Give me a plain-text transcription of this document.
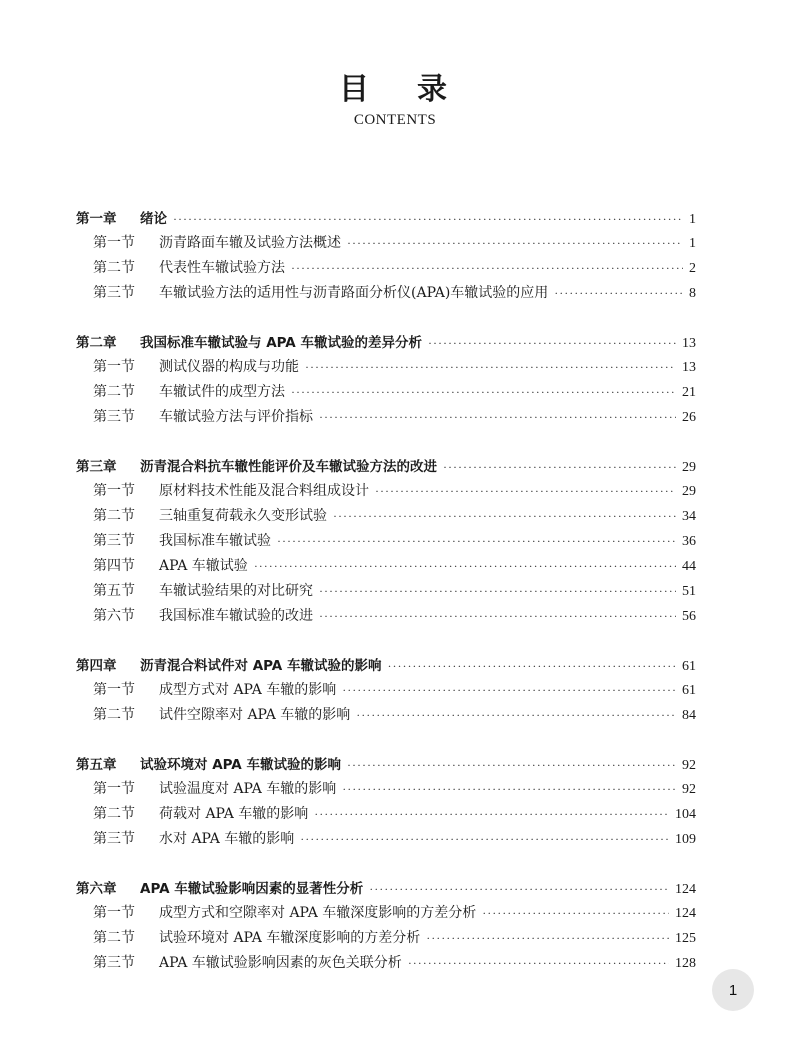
目 录
CONTENTS
第一章	绪论 ·····	1
第一节	沥青路面车辙及试验方法概述 ·····	1
第二节	代表性车辙试验方法 ·····	2
第三节	车辙试验方法的适用性与沥青路面分析仪(APA)车辙试验的应用 ·····	8
第二章	我国标准车辙试验与 APA 车辙试验的差异分析 ·····	13
第一节	测试仪器的构成与功能 ·····	13
第二节	车辙试件的成型方法 ·····	21
第三节	车辙试验方法与评价指标 ·····	26
第三章	沥青混合料抗车辙性能评价及车辙试验方法的改进 ·····	29
第一节	原材料技术性能及混合料组成设计 ·····	29
第二节	三轴重复荷载永久变形试验 ·····	34
第三节	我国标准车辙试验 ·····	36
第四节	APA 车辙试验 ·····	44
第五节	车辙试验结果的对比研究 ·····	51
第六节	我国标准车辙试验的改进 ·····	56
第四章	沥青混合料试件对 APA 车辙试验的影响 ·····	61
第一节	成型方式对 APA 车辙的影响 ·····	61
第二节	试件空隙率对 APA 车辙的影响 ·····	84
第五章	试验环境对 APA 车辙试验的影响 ·····	92
第一节	试验温度对 APA 车辙的影响 ·····	92
第二节	荷载对 APA 车辙的影响 ·····	104
第三节	水对 APA 车辙的影响 ·····	109
第六章	APA 车辙试验影响因素的显著性分析 ·····	124
第一节	成型方式和空隙率对 APA 车辙深度影响的方差分析 ·····	124
第二节	试验环境对 APA 车辙深度影响的方差分析 ·····	125
第三节	APA 车辙试验影响因素的灰色关联分析 ·····	128
1
